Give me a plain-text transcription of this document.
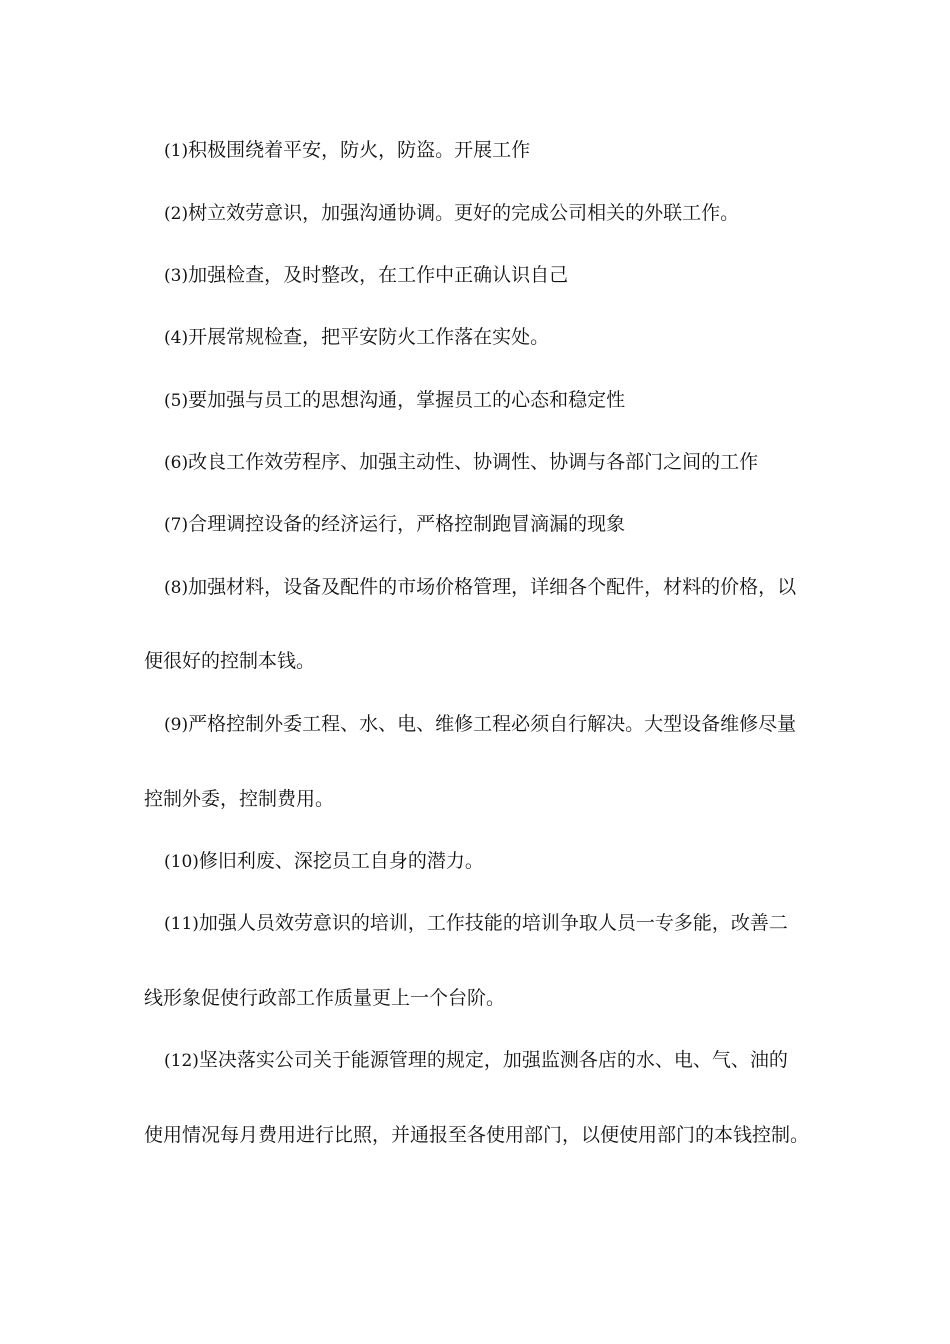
(1)积极围绕着平安，防火，防盗。开展工作
(2)树立效劳意识，加强沟通协调。更好的完成公司相关的外联工作。
(3)加强检查，及时整改，在工作中正确认识自己
(4)开展常规检查，把平安防火工作落在实处。
(5)要加强与员工的思想沟通，掌握员工的心态和稳定性
(6)改良工作效劳程序、加强主动性、协调性、协调与各部门之间的工作
(7)合理调控设备的经济运行，严格控制跑冒滴漏的现象
(8)加强材料，设备及配件的市场价格管理，详细各个配件，材料的价格，以
便很好的控制本钱。
(9)严格控制外委工程、水、电、维修工程必须自行解决。大型设备维修尽量
控制外委，控制费用。
(10)修旧利废、深挖员工自身的潜力。
(11)加强人员效劳意识的培训，工作技能的培训争取人员一专多能，改善二
线形象促使行政部工作质量更上一个台阶。
(12)坚决落实公司关于能源管理的规定，加强监测各店的水、电、气、油的
使用情况每月费用进行比照，并通报至各使用部门，以便使用部门的本钱控制。
